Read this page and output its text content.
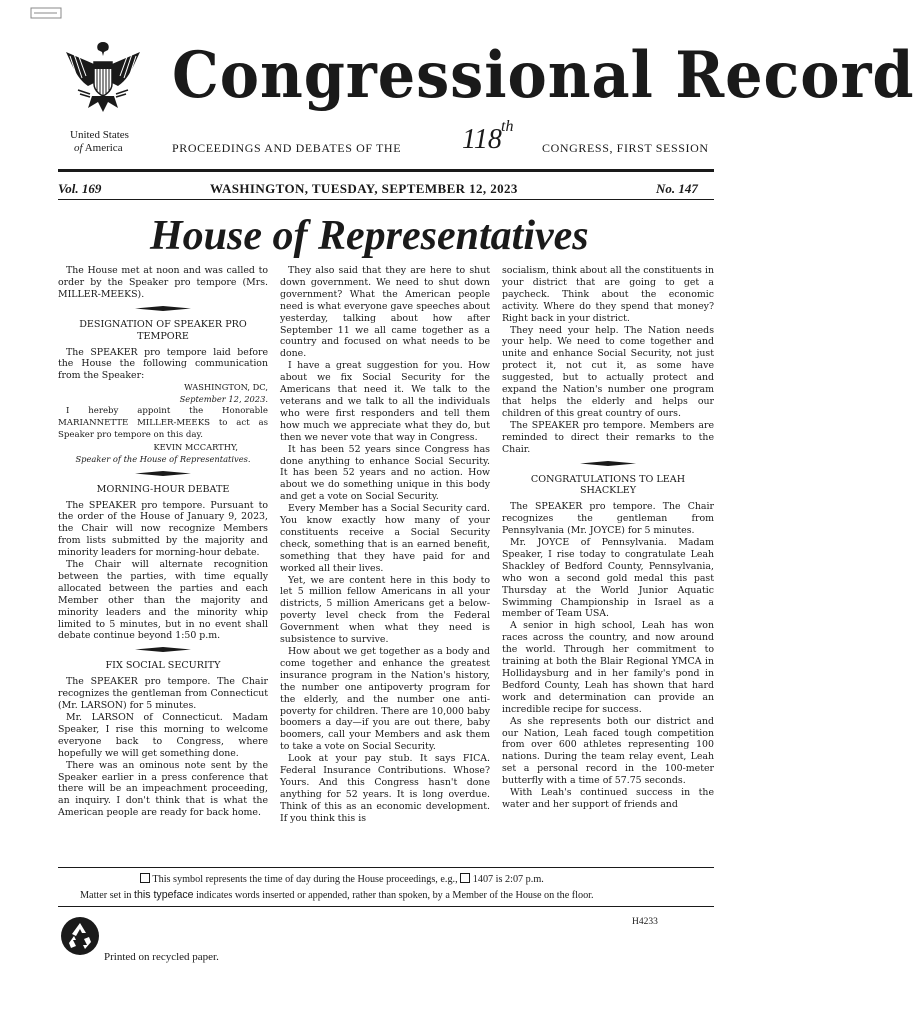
Congressional Record
United States
of America	PROCEEDINGS AND DEBATES OF THE 118 th
CONGRESS, FIRST SESSION
Vol. 169	WASHINGTON, TUESDAY, SEPTEMBER 12, 2023	No. 147
House of Representatives

The House met at noon and was called to order by the Speaker pro tempore (Mrs. MILLER-MEEKS).

DESIGNATION OF SPEAKER PRO TEMPORE

The SPEAKER pro tempore laid before the House the following communication from the Speaker:

WASHINGTON, DC,
September 12, 2023.

I hereby appoint the Honorable MARIANNETTE MILLER-MEEKS to act as Speaker pro tempore on this day.

KEVIN MCCARTHY,
Speaker of the House of Representatives.
MORNING-HOUR DEBATE

The SPEAKER pro tempore. Pursuant to the order of the House of January 9, 2023, the Chair will now recognize Members from lists submitted by the majority and minority leaders for morning-hour debate.

The Chair will alternate recognition between the parties, with time equally allocated between the parties and each Member other than the majority and minority leaders and the minority whip limited to 5 minutes, but in no event shall debate continue beyond 1:50 p.m.

FIX SOCIAL SECURITY

The SPEAKER pro tempore. The Chair recognizes the gentleman from Connecticut (Mr. LARSON) for 5 minutes.

Mr. LARSON of Connecticut. Madam Speaker, I rise this morning to welcome everyone back to Congress, where hopefully we will get something done.

There was an ominous note sent by the Speaker earlier in a press conference that there will be an impeachment proceeding, an inquiry. I don't think that is what the American people are ready for back home.

They also said that they are here to shut down government. We need to shut down government? What the American people need is what everyone gave speeches about yesterday, talking about how after September 11 we all came together as a country and focused on what needs to be done.

I have a great suggestion for you. How about we fix Social Security for the Americans that need it. We talk to the veterans and we talk to all the individuals who were first responders and tell them how much we appreciate what they do, but then we never vote that way in Congress.

It has been 52 years since Congress has done anything to enhance Social Security. It has been 52 years and no action. How about we do something unique in this body and get a vote on Social Security.

Every Member has a Social Security card. You know exactly how many of your constituents receive a Social Security check, something that is an earned benefit, something that they have paid for and worked all their lives.

Yet, we are content here in this body to let 5 million fellow Americans in all your districts, 5 million Americans get a below-poverty level check from the Federal Government when what they need is subsistence to survive.

How about we get together as a body and come together and enhance the greatest insurance program in the Nation's history, the number one antipoverty program for the elderly, and the number one anti-poverty for children. There are 10,000 baby boomers a day—if you are out there, baby boomers, call your Members and ask them to take a vote on Social Security.

Look at your pay stub. It says FICA. Federal Insurance Contributions. Whose? Yours. And this Congress hasn't done anything for 52 years. It is long overdue. Think of this as an economic development. If you think this is

socialism, think about all the constituents in your district that are going to get a paycheck. Think about the economic activity. Where do they spend that money? Right back in your district.

They need your help. The Nation needs your help. We need to come together and unite and enhance Social Security, not just protect it, not cut it, as some have suggested, but to actually protect and expand the Nation's number one program that helps the elderly and helps our children of this great country of ours.

The SPEAKER pro tempore. Members are reminded to direct their remarks to the Chair.

CONGRATULATIONS TO LEAH SHACKLEY

The SPEAKER pro tempore. The Chair recognizes the gentleman from Pennsylvania (Mr. JOYCE) for 5 minutes.

Mr. JOYCE of Pennsylvania. Madam Speaker, I rise today to congratulate Leah Shackley of Bedford County, Pennsylvania, who won a second gold medal this past Thursday at the World Junior Aquatic Swimming Championship in Israel as a member of Team USA.

A senior in high school, Leah has won races across the country, and now around the world. Through her commitment to training at both the Blair Regional YMCA in Hollidaysburg and in her family's pond in Bedford County, Leah has shown that hard work and determination can provide an incredible recipe for success.

As she represents both our district and our Nation, Leah faced tough competition from over 600 athletes representing 100 nations. During the team relay event, Leah set a personal record in the 100-meter butterfly with a time of 57.75 seconds.

With Leah's continued success in the water and her support of friends and

This symbol represents the time of day during the House proceedings, e.g., 1407 is 2:07 p.m.
Matter set in this typeface indicates words inserted or appended, rather than spoken, by a Member of the House on the floor.
H4233
Printed on recycled paper.
